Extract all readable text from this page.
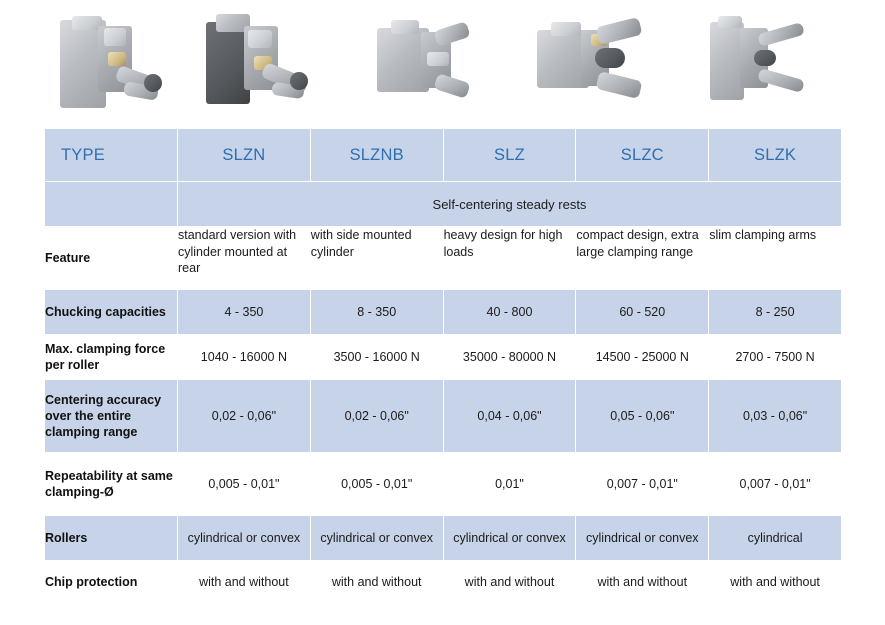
TYPE	SLZN	SLZNB	SLZ	SLZC	SLZK
	Self-centering steady rests				
Feature	standard version with cylinder mounted at rear	with side mounted cylinder	heavy design for high loads	compact design, extra large clamping range	slim clamping arms
Chucking capacities	4 - 350	8 - 350	40 - 800	60 - 520	8 - 250
Max. clamping force per roller	1040 - 16000 N	3500 - 16000 N	35000 - 80000 N	14500 - 25000 N	2700 - 7500 N
Centering accuracy over the entire clamping range	0,02 - 0,06"	0,02 - 0,06"	0,04 - 0,06"	0,05 - 0,06"	0,03 - 0,06"
Repeatability at same clamping-Ø	0,005 - 0,01"	0,005 - 0,01"	0,01"	0,007 - 0,01"	0,007 - 0,01"
Rollers	cylindrical or convex	cylindrical or convex	cylindrical or convex	cylindrical or convex	cylindrical
Chip protection	with and without	with and without	with and without	with and without	with and without
